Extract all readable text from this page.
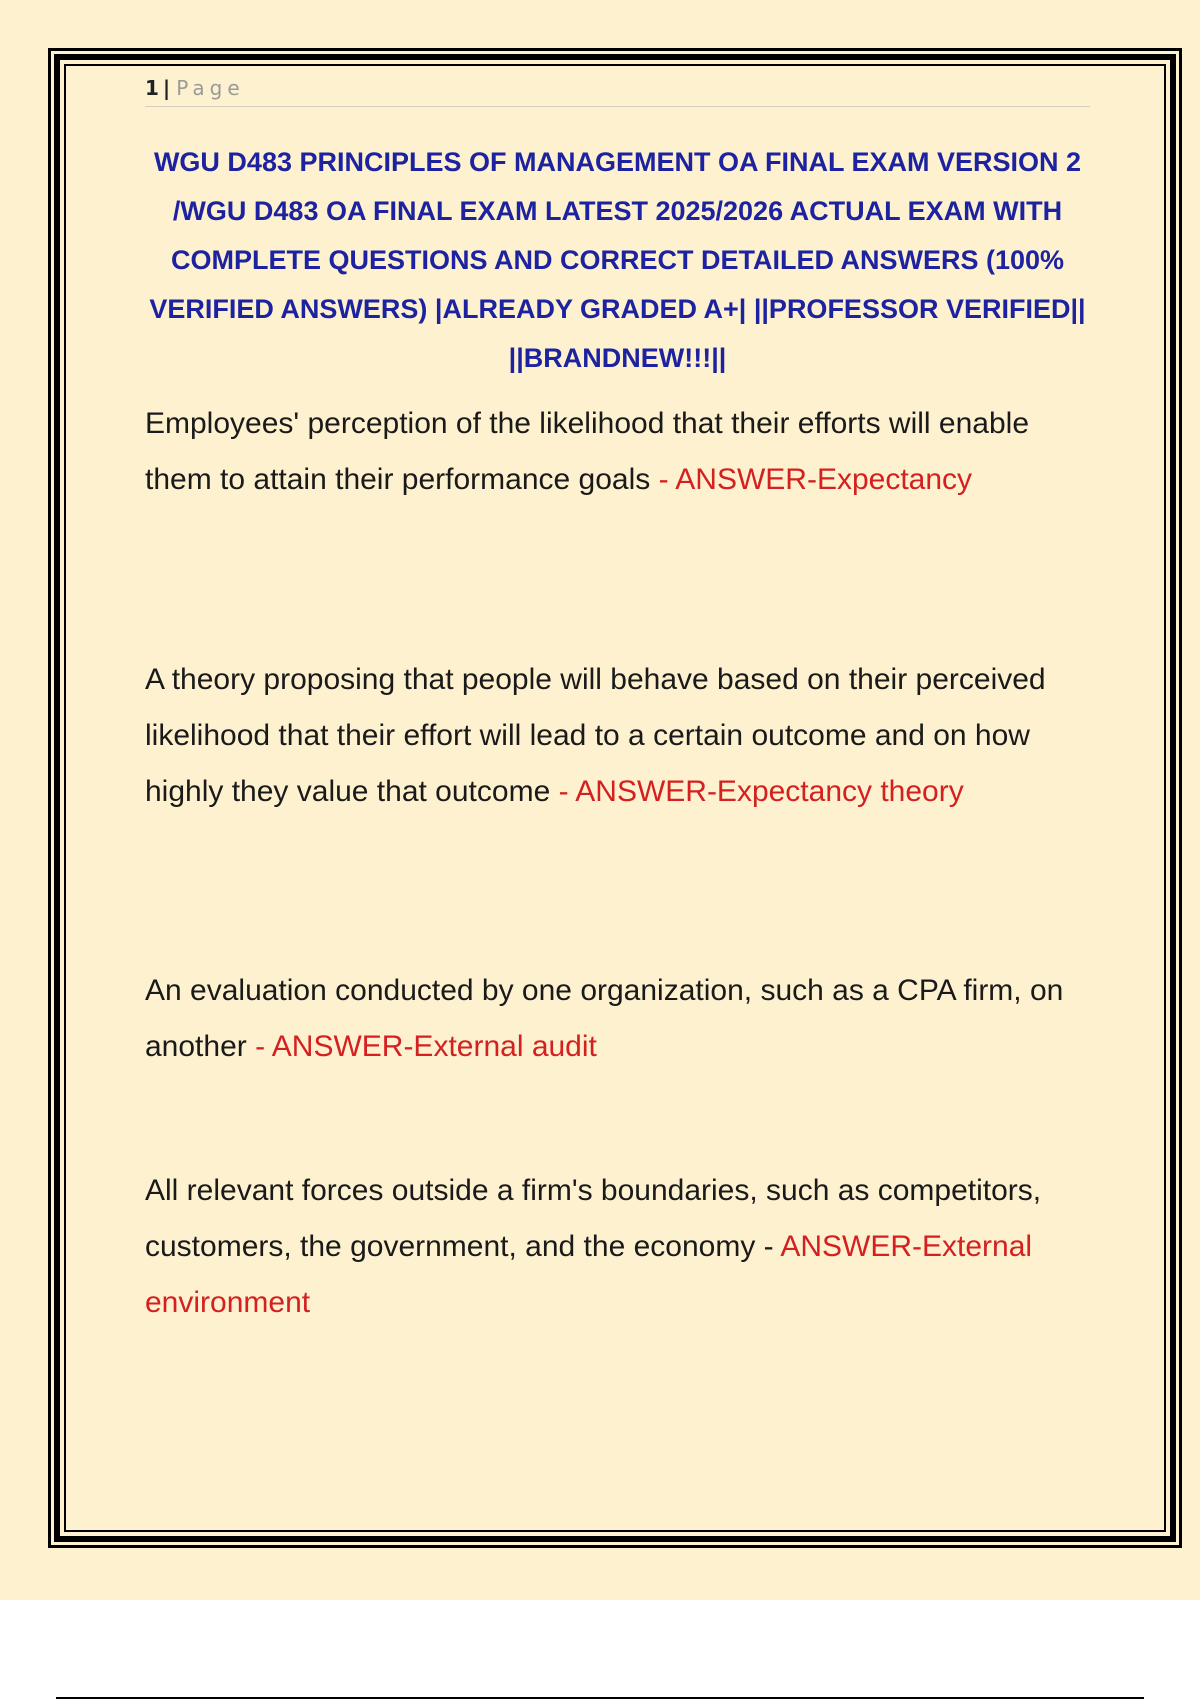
1 | Page

WGU D483 PRINCIPLES OF MANAGEMENT OA FINAL EXAM VERSION 2 /WGU D483 OA FINAL EXAM LATEST 2025/2026 ACTUAL EXAM WITH COMPLETE QUESTIONS AND CORRECT DETAILED ANSWERS (100% VERIFIED ANSWERS) |ALREADY GRADED A+| ||PROFESSOR VERIFIED|| ||BRANDNEW!!!||

Employees' perception of the likelihood that their efforts will enable them to attain their performance goals - ANSWER-Expectancy

A theory proposing that people will behave based on their perceived likelihood that their effort will lead to a certain outcome and on how highly they value that outcome - ANSWER-Expectancy theory

An evaluation conducted by one organization, such as a CPA firm, on another - ANSWER-External audit

All relevant forces outside a firm's boundaries, such as competitors, customers, the government, and the economy - ANSWER-External environment
